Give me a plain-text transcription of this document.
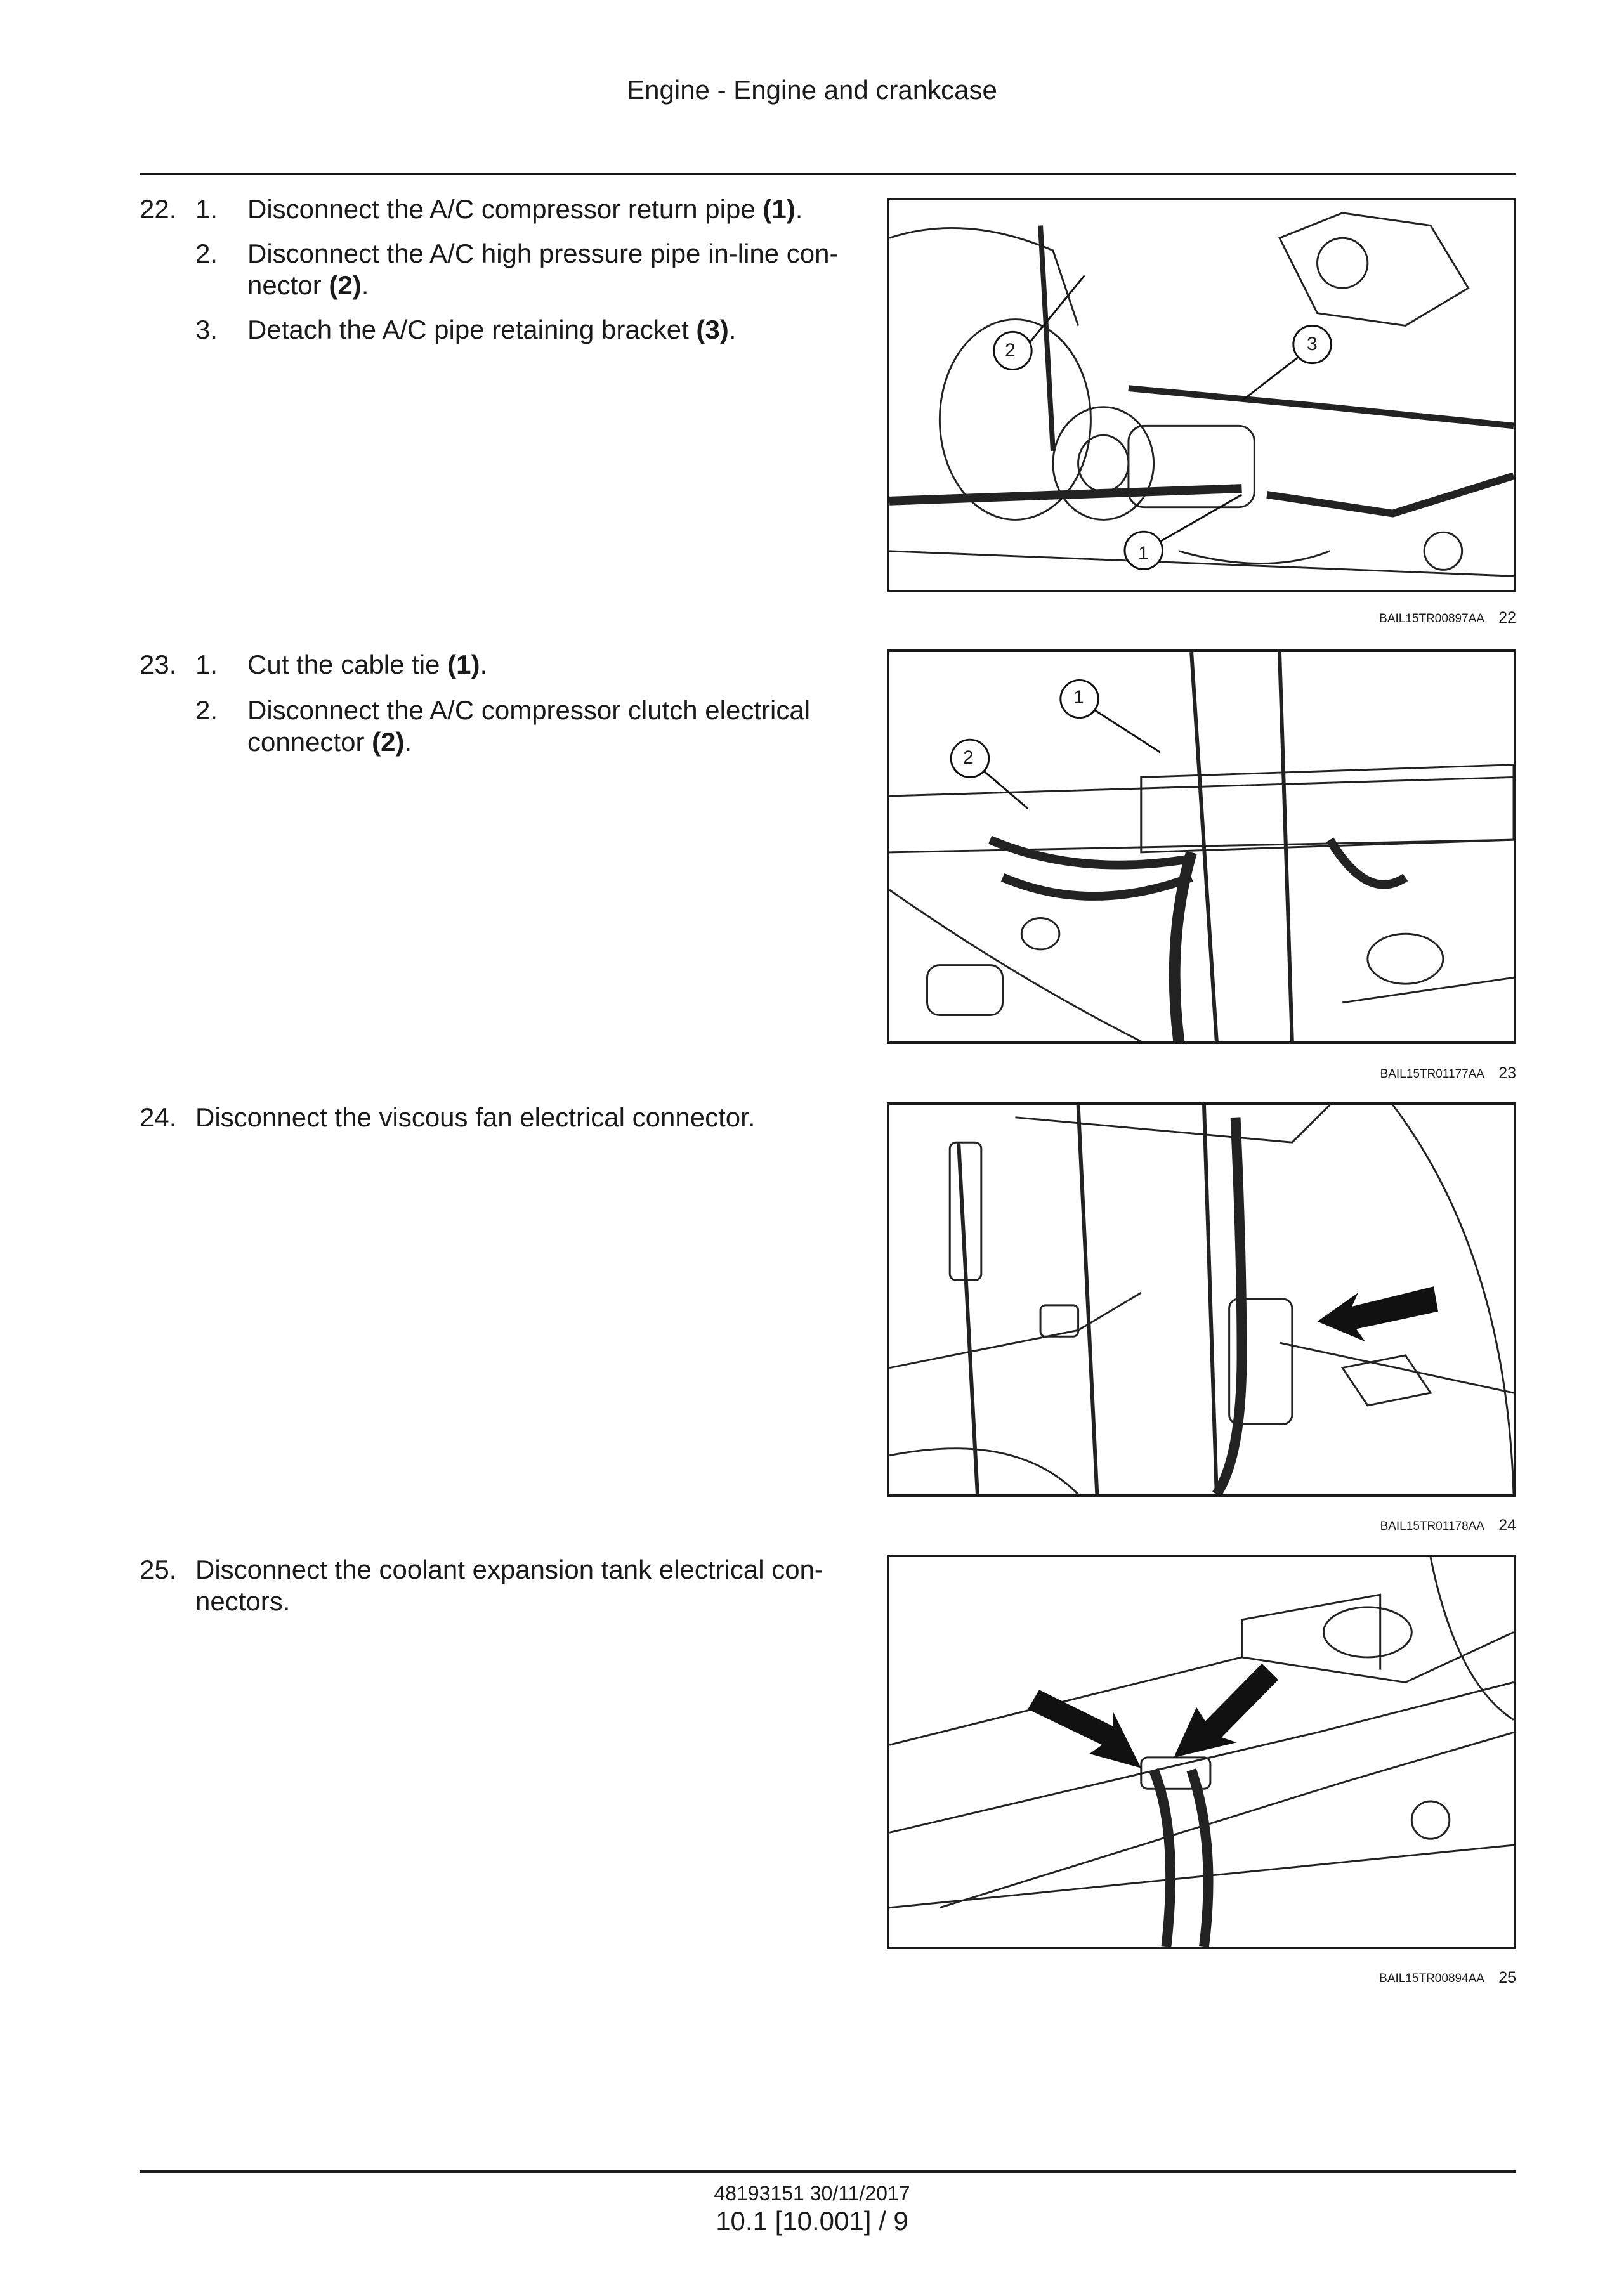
Engine - Engine and crankcase
22. 1. Disconnect the A/C compressor return pipe (1).
2. Disconnect the A/C high pressure pipe in-line con-
nector (2).
3. Detach the A/C pipe retaining bracket (3).
2	3
1
BAIL15TR00897AA 22
23. 1. Cut the cable tie (1).
2. Disconnect the A/C compressor clutch electrical
connector (2).
1
2
BAIL15TR01177AA 23
24. Disconnect the viscous fan electrical connector.
BAIL15TR01178AA 24
25. Disconnect the coolant expansion tank electrical con-
nectors.
BAIL15TR00894AA 25
48193151 30/11/2017
10.1 [10.001] / 9
